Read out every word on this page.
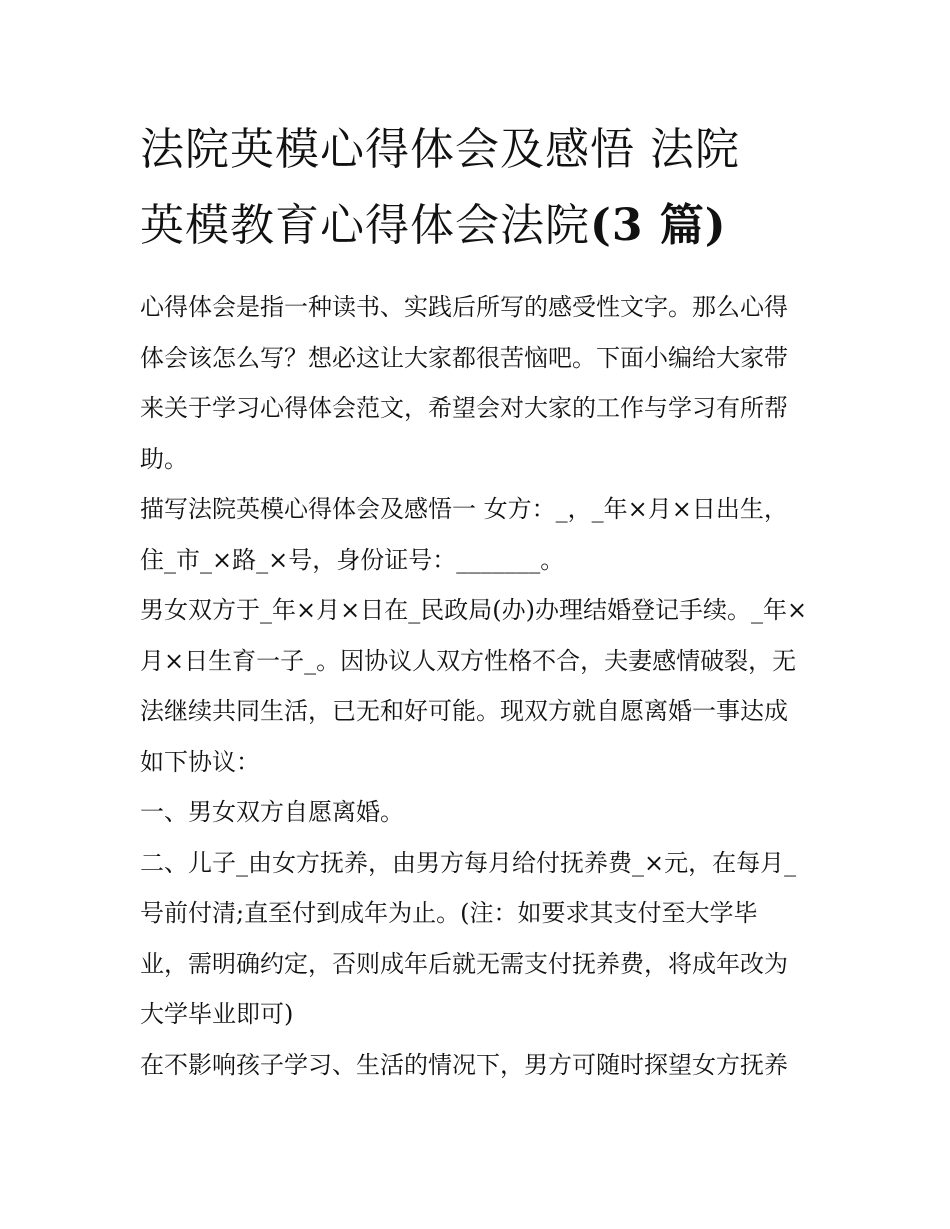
法院英模心得体会及感悟 法院
英模教育心得体会法院(3 篇)
心得体会是指一种读书、实践后所写的感受性文字。那么心得
体会该怎么写？想必这让大家都很苦恼吧。下面小编给大家带
来关于学习心得体会范文，希望会对大家的工作与学习有所帮
助。
描写法院英模心得体会及感悟一 女方：_，_年×月×日出生，
住_市_×路_×号，身份证号：_______。
男女双方于_年×月×日在_民政局(办)办理结婚登记手续。_年×
月×日生育一子_。因协议人双方性格不合，夫妻感情破裂，无
法继续共同生活，已无和好可能。现双方就自愿离婚一事达成
如下协议：
一、男女双方自愿离婚。
二、儿子_由女方抚养，由男方每月给付抚养费_×元，在每月_
号前付清;直至付到成年为止。(注：如要求其支付至大学毕
业，需明确约定，否则成年后就无需支付抚养费，将成年改为
大学毕业即可)
在不影响孩子学习、生活的情况下，男方可随时探望女方抚养
